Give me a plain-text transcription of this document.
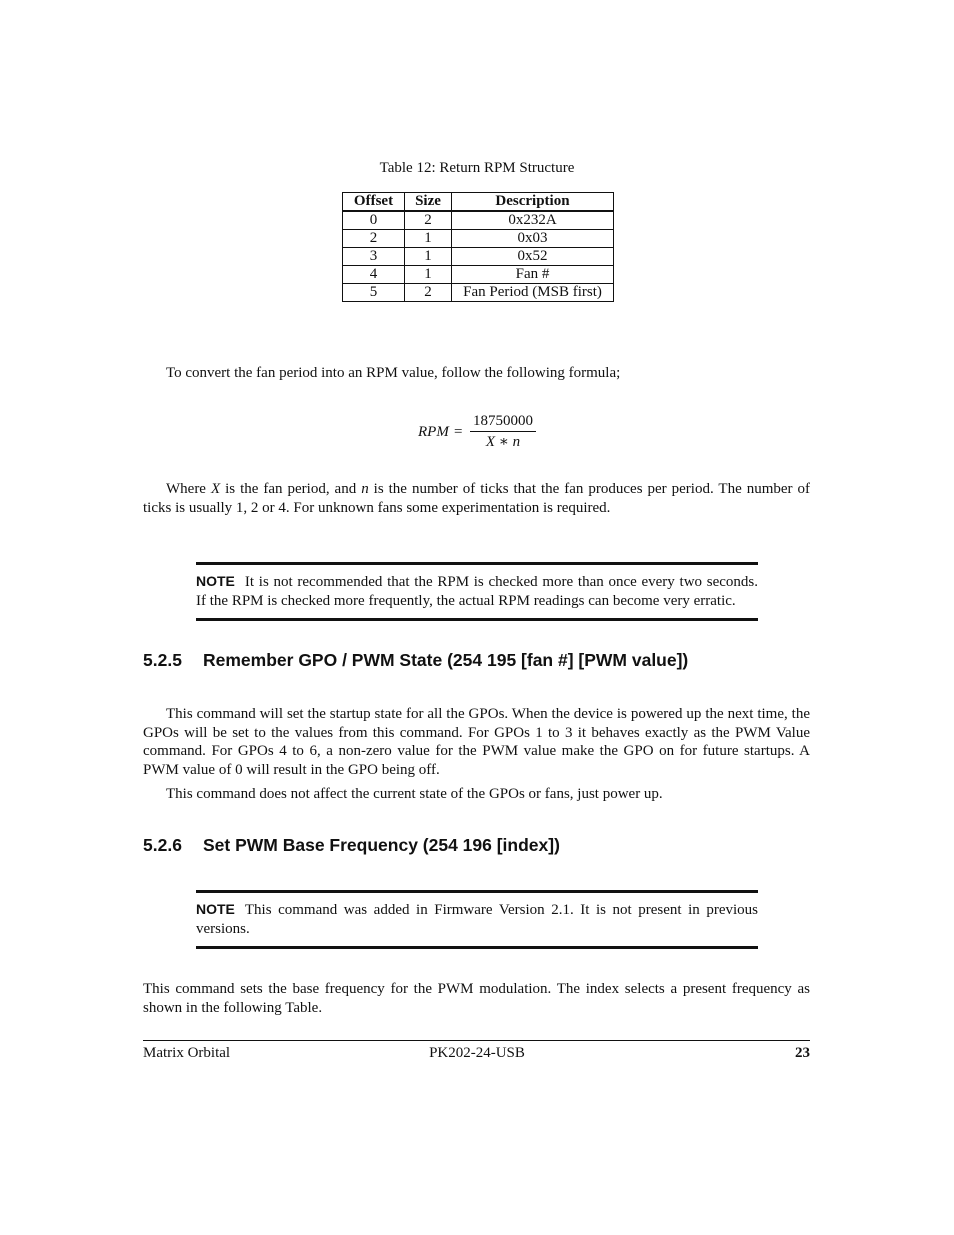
Table 12: Return RPM Structure
Offset	Size	Description
0	2	0x232A
2	1	0x03
3	1	0x52
4	1	Fan #
5	2	Fan Period (MSB first)

To convert the fan period into an RPM value, follow the following formula;

RPM =
18750000
X ∗ n

Where X is the fan period, and n is the number of ticks that the fan produces per period. The number of ticks is usually 1, 2 or 4. For unknown fans some experimentation is required.

NOTE It is not recommended that the RPM is checked more than once every two seconds. If the RPM is checked more frequently, the actual RPM readings can become very erratic.
5.2.5 Remember GPO / PWM State (254 195 [fan #] [PWM value])

This command will set the startup state for all the GPOs. When the device is powered up the next time, the GPOs will be set to the values from this command. For GPOs 1 to 3 it behaves exactly as the PWM Value command. For GPOs 4 to 6, a non-zero value for the PWM value make the GPO on for future startups. A PWM value of 0 will result in the GPO being off.

This command does not affect the current state of the GPOs or fans, just power up.

5.2.6 Set PWM Base Frequency (254 196 [index])
NOTE This command was added in Firmware Version 2.1. It is not present in previous versions.

This command sets the base frequency for the PWM modulation. The index selects a present frequency as shown in the following Table.

Matrix Orbital	PK202-24-USB	23
